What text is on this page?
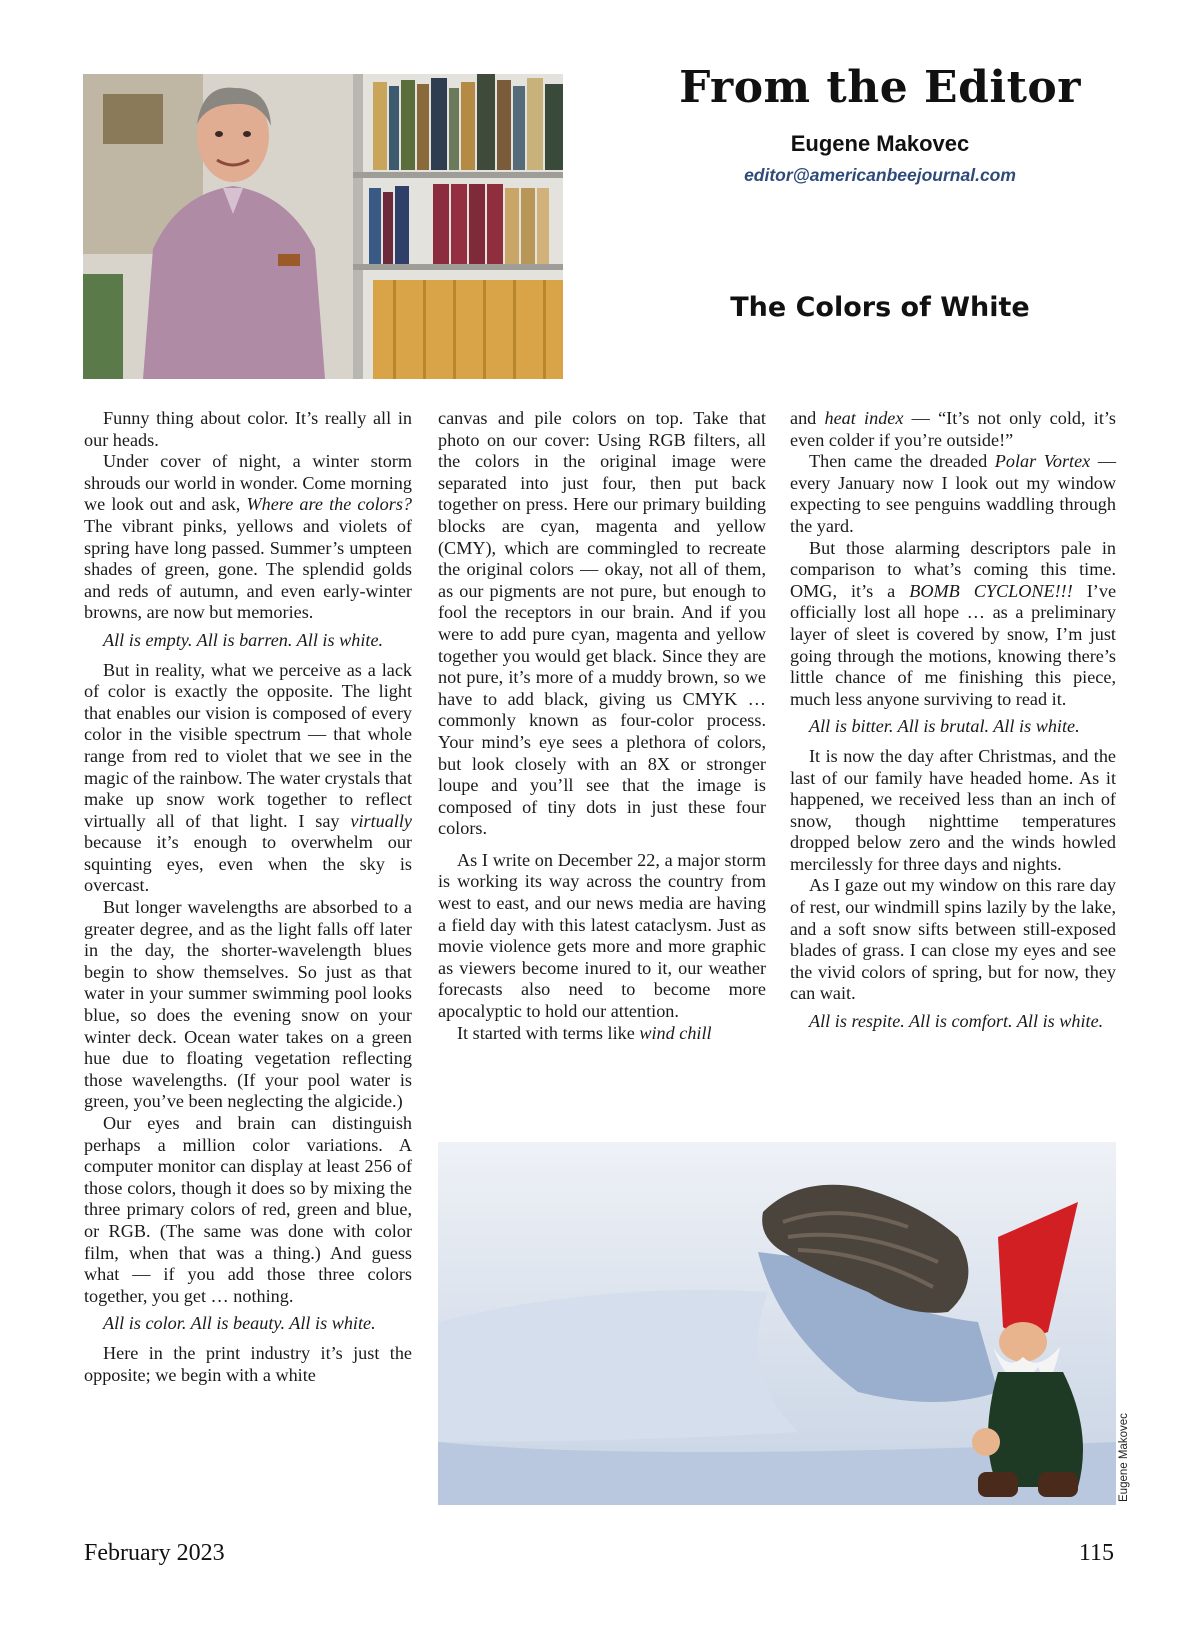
From the Editor
Eugene Makovec
editor@americanbeejournal.com
The Colors of White

Funny thing about color. It’s really all in our heads.

Under cover of night, a winter storm shrouds our world in wonder. Come morning we look out and ask, Where are the colors? The vibrant pinks, yellows and violets of spring have long passed. Summer’s umpteen shades of green, gone. The splendid golds and reds of autumn, and even early-winter browns, are now but memories.

All is empty. All is barren. All is white.

But in reality, what we perceive as a lack of color is exactly the opposite. The light that enables our vision is composed of every color in the visible spectrum — that whole range from red to violet that we see in the magic of the rainbow. The water crystals that make up snow work together to reflect virtually all of that light. I say virtually because it’s enough to overwhelm our squinting eyes, even when the sky is overcast.

But longer wavelengths are absorbed to a greater degree, and as the light falls off later in the day, the shorter-wavelength blues begin to show themselves. So just as that water in your summer swimming pool looks blue, so does the evening snow on your winter deck. Ocean water takes on a green hue due to floating vegetation reflecting those wavelengths. (If your pool water is green, you’ve been neglecting the algicide.)

Our eyes and brain can distinguish perhaps a million color variations. A computer monitor can display at least 256 of those colors, though it does so by mixing the three primary colors of red, green and blue, or RGB. (The same was done with color film, when that was a thing.) And guess what — if you add those three colors together, you get … nothing.

All is color. All is beauty. All is white.

Here in the print industry it’s just the opposite; we begin with a white

canvas and pile colors on top. Take that photo on our cover: Using RGB filters, all the colors in the original image were separated into just four, then put back together on press. Here our primary building blocks are cyan, magenta and yellow (CMY), which are commingled to recreate the original colors — okay, not all of them, as our pigments are not pure, but enough to fool the receptors in our brain. And if you were to add pure cyan, magenta and yellow together you would get black. Since they are not pure, it’s more of a muddy brown, so we have to add black, giving us CMYK … commonly known as four-color process. Your mind’s eye sees a plethora of colors, but look closely with an 8X or stronger loupe and you’ll see that the image is composed of tiny dots in just these four colors.

As I write on December 22, a major storm is working its way across the country from west to east, and our news media are having a field day with this latest cataclysm. Just as movie violence gets more and more graphic as viewers become inured to it, our weather forecasts also need to become more apocalyptic to hold our attention.

It started with terms like wind chill

and heat index — “It’s not only cold, it’s even colder if you’re outside!”

Then came the dreaded Polar Vortex — every January now I look out my window expecting to see penguins waddling through the yard.

But those alarming descriptors pale in comparison to what’s coming this time. OMG, it’s a BOMB CYCLONE!!! I’ve officially lost all hope … as a preliminary layer of sleet is covered by snow, I’m just going through the motions, knowing there’s little chance of me finishing this piece, much less anyone surviving to read it.

All is bitter. All is brutal. All is white.

It is now the day after Christmas, and the last of our family have headed home. As it happened, we received less than an inch of snow, though nighttime temperatures dropped below zero and the winds howled mercilessly for three days and nights.

As I gaze out my window on this rare day of rest, our windmill spins lazily by the lake, and a soft snow sifts between still-exposed blades of grass. I can close my eyes and see the vivid colors of spring, but for now, they can wait.

All is respite. All is comfort. All is white.

Eugene Makovec
February 2023	115
